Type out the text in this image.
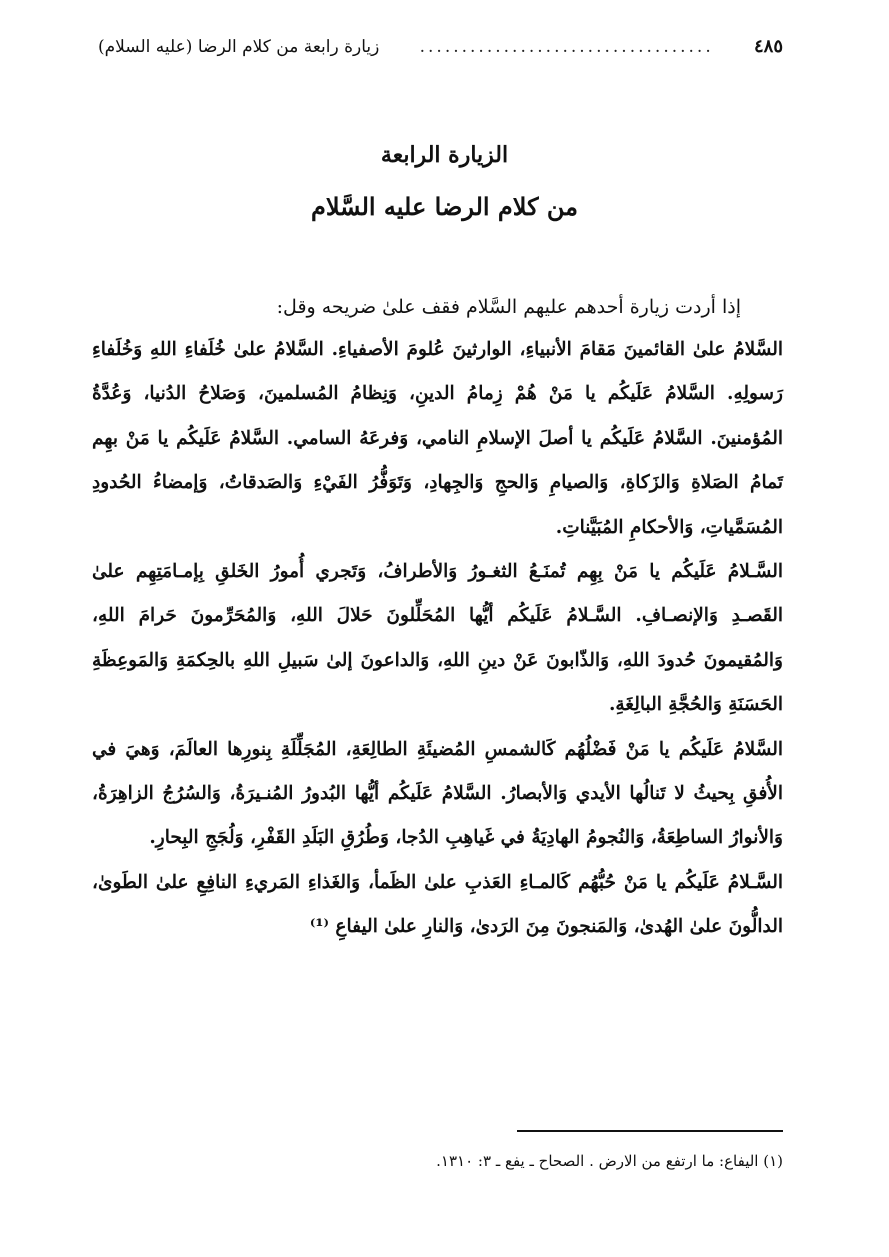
زيارة رابعة من كلام الرضا (عليه السلام)	...................................	٤٨٥
الزيارة الرابعة
من كلام الرضا عليه السَّلام

إذا أردت زيارة أحدهم عليهم السَّلام فقف علىٰ ضريحه وقل:

السَّلامُ علىٰ القائمينَ مَقامَ الأنبياءِ، الوارثينَ عُلومَ الأصفياءِ. السَّلامُ علىٰ خُلَفاءِ اللهِ وَخُلَفاءِ رَسولِهِ. السَّلامُ عَلَيكُم يا مَنْ هُمْ زِمامُ الدينِ، وَنِظامُ المُسلمينَ، وَصَلاحُ الدُنيا، وَعُدَّةُ المُؤمنينَ. السَّلامُ عَلَيكُم يا أصلَ الإسلامِ النامي، وَفرعَهُ السامي. السَّلامُ عَلَيكُم يا مَنْ بهِم تَمامُ الصَلاةِ وَالزَكاةِ، وَالصيامِ وَالحجِ وَالجِهادِ، وَتَوَفُّرُ الفَيْءِ وَالصَدقاتُ، وَإمضاءُ الحُدودِ المُسَمَّياتِ، وَالأحكامِ المُبَيَّناتِ.

السَّـلامُ عَلَيكُم يا مَنْ بِهِم تُمنَـعُ الثغـورُ وَالأطرافُ، وَتَجري أُمورُ الخَلقِ بِإمـامَتِهِم علىٰ القَصـدِ وَالإنصـافِ. السَّـلامُ عَلَيكُم أيُّها المُحَلِّلونَ حَلالَ اللهِ، وَالمُحَرِّمونَ حَرامَ اللهِ، وَالمُقيمونَ حُدودَ اللهِ، وَالذّابونَ عَنْ دينِ اللهِ، وَالداعونَ إلىٰ سَبيلِ اللهِ بالحِكمَةِ وَالمَوعِظَةِ الحَسَنَةِ وَالحُجَّةِ البالِغَةِ.

السَّلامُ عَلَيكُم يا مَنْ فَضْلُهُم كَالشمسِ المُضيئَةِ الطالِعَةِ، المُجَلِّلَةِ بِنورِها العالَمَ، وَهيَ في الأُفقِ بِحيثُ لا تَنالُها الأيدي وَالأبصارُ. السَّلامُ عَلَيكُم أيُّها البُدورُ المُنـيرَةُ، وَالسُرُجُ الزاهِرَةُ، وَالأنوارُ الساطِعَةُ، وَالنُجومُ الهادِيَةُ في غَياهِبِ الدُجا، وَطُرُقِ البَلَدِ القَفْرِ، وَلُجَجِ البِحارِ.

السَّـلامُ عَلَيكُم يا مَنْ حُبُّهُم كَالمـاءِ العَذبِ علىٰ الظَمأ، وَالغَذاءِ المَريءِ النافِعِ علىٰ الطَوىٰ، الدالُّونَ علىٰ الهُدىٰ، وَالمَنجونَ مِنَ الرَدىٰ، وَالنارِ علىٰ اليفاعِ ⁽¹⁾

(١) اليفاع: ما ارتفع من الارض . الصحاح ـ يفع ـ ٣: ١٣١٠.
